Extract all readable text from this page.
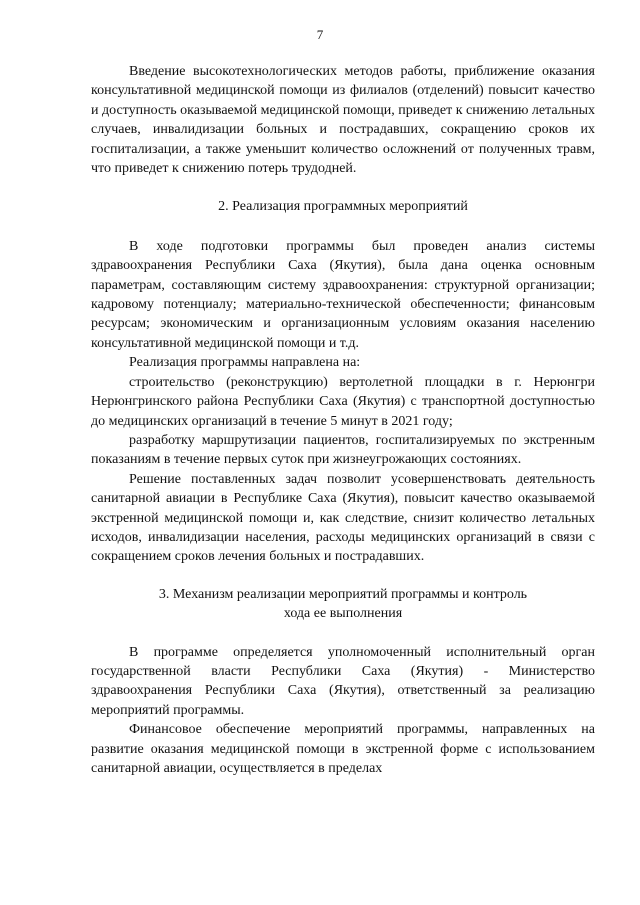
7

Введение высокотехнологических методов работы, приближение оказания консультативной медицинской помощи из филиалов (отделений) повысит качество и доступность оказываемой медицинской помощи, приведет к снижению летальных случаев, инвалидизации больных и пострадавших, сокращению сроков их госпитализации, а также уменьшит количество осложнений от полученных травм, что приведет к снижению потерь трудодней.

2. Реализация программных мероприятий

В ходе подготовки программы был проведен анализ системы здравоохранения Республики Саха (Якутия), была дана оценка основным параметрам, составляющим систему здравоохранения: структурной организации; кадровому потенциалу; материально-технической обеспеченности; финансовым ресурсам; экономическим и организационным условиям оказания населению консультативной медицинской помощи и т.д.

Реализация программы направлена на:

строительство (реконструкцию) вертолетной площадки в г. Нерюнгри Нерюнгринского района Республики Саха (Якутия) с транспортной доступностью до медицинских организаций в течение 5 минут в 2021 году;

разработку маршрутизации пациентов, госпитализируемых по экстренным показаниям в течение первых суток при жизнеугрожающих состояниях.

Решение поставленных задач позволит усовершенствовать деятельность санитарной авиации в Республике Саха (Якутия), повысит качество оказываемой экстренной медицинской помощи и, как следствие, снизит количество летальных исходов, инвалидизации населения, расходы медицинских организаций в связи с сокращением сроков лечения больных и пострадавших.

3. Механизм реализации мероприятий программы и контроль

хода ее выполнения

В программе определяется уполномоченный исполнительный орган государственной власти Республики Саха (Якутия) - Министерство здравоохранения Республики Саха (Якутия), ответственный за реализацию мероприятий программы.

Финансовое обеспечение мероприятий программы, направленных на развитие оказания медицинской помощи в экстренной форме с использованием санитарной авиации, осуществляется в пределах
